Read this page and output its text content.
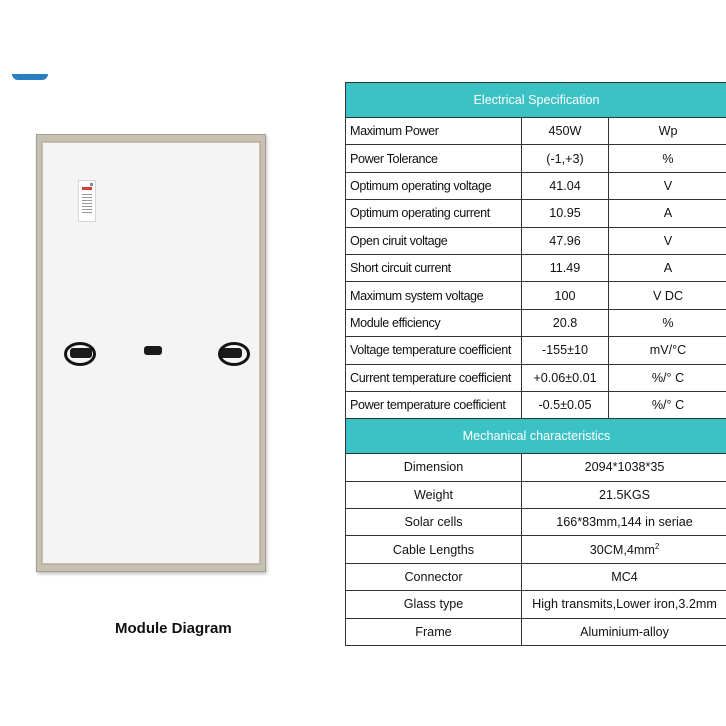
Module Diagram
Electrical Specification		
Maximum Power	450W	Wp
Power Tolerance	(-1,+3)	%
Optimum operating voltage	41.04	V
Optimum operating current	10.95	A
Open ciruit voltage	47.96	V
Short circuit current	11.49	A
Maximum system voltage	100	V DC
Module efficiency	20.8	%
Voltage temperature coefficient	-155±10	mV/°C
Current temperature coefficient	+0.06±0.01	%/° C
Power temperature coefficient	-0.5±0.05	%/° C
Mechanical characteristics		
Dimension	2094*1038*35	
Weight	21.5KGS	
Solar cells	166*83mm,144 in seriae	
Cable Lengths	$30CM,4mm^2$
Connector	MC4	
Glass type	High transmits,Lower iron,3.2mm	
Frame	Aluminium-alloy	
